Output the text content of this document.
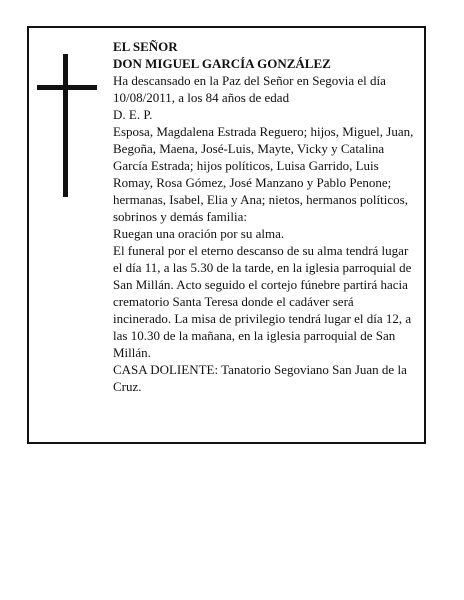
EL SEÑOR

DON MIGUEL GARCÍA GONZÁLEZ

Ha descansado en la Paz del Señor en Segovia el día 10/08/2011, a los 84 años de edad

D. E. P.

Esposa, Magdalena Estrada Reguero; hijos, Miguel, Juan, Begoña, Maena, José-Luis, Mayte, Vicky y Catalina García Estrada; hijos políticos, Luisa Garrido, Luis Romay, Rosa Gómez, José Manzano y Pablo Penone; hermanas, Isabel, Elia y Ana; nietos, hermanos políticos, sobrinos y demás familia:

Ruegan una oración por su alma.

El funeral por el eterno descanso de su alma tendrá lugar el día 11, a las 5.30 de la tarde, en la iglesia parroquial de San Millán. Acto seguido el cortejo fúnebre partirá hacia crematorio Santa Teresa donde el cadáver será incinerado. La misa de privilegio tendrá lugar el día 12, a las 10.30 de la mañana, en la iglesia parroquial de San Millán.

CASA DOLIENTE: Tanatorio Segoviano San Juan de la Cruz.
